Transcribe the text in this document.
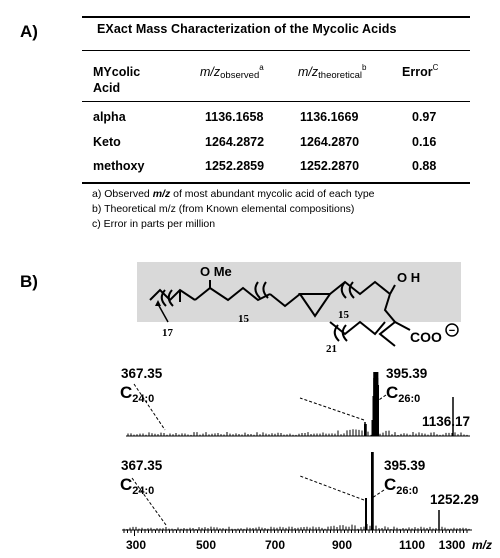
A)	EXact Mass Characterization of the Mycolic Acids
MYcolic
Acid
m/zobserved$^a$	m/ztheoretical$^b$	Error$^C$
alpha	1136.1658	1136.1669	0.97
Keto	1264.2872	1264.2870	0.16
methoxy	1252.2859	1252.2870	0.88
a) Observed m/z of most abundant mycolic acid of each type
b) Theoretical m/z (from Known elemental compositions)
c) Error in parts per million
B)
O Me	O H
17
15	15
21
COO −
367.35
$C_{24:0}$
395.39
$C_{26:0}$
1136.17
367.35
$C_{24:0}$
395.39
$C_{26:0}$
1252.29
300	500	700	900	1100 1300 m/z
